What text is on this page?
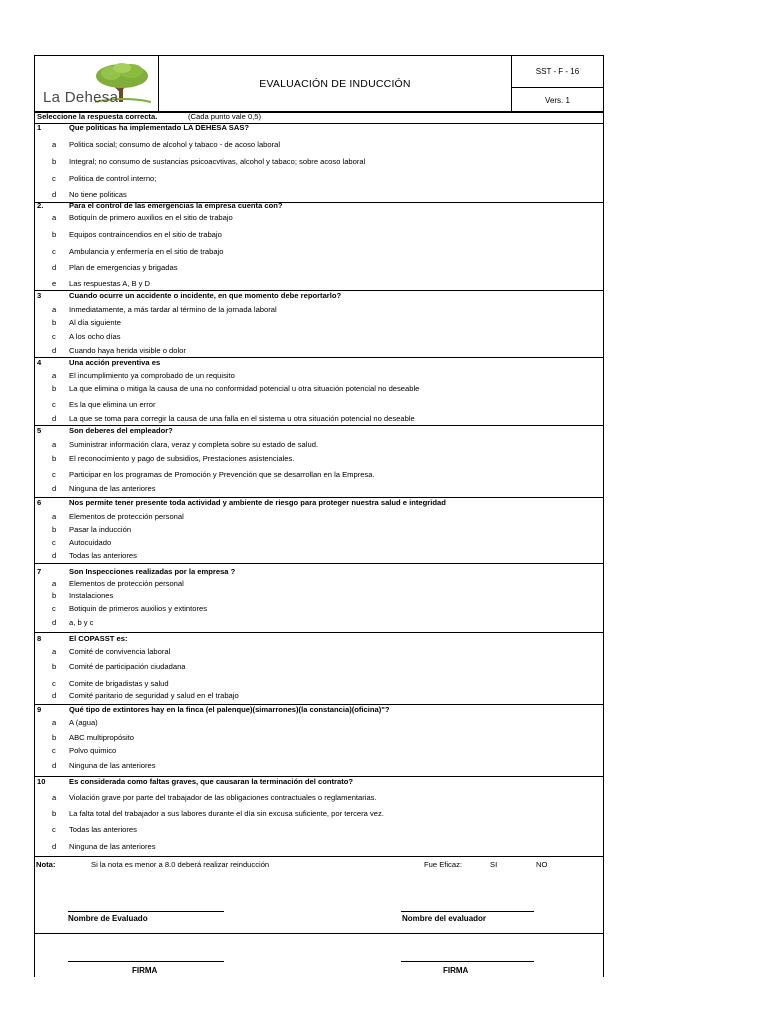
La Dehesa
EVALUACIÓN DE INDUCCIÓN
SST - F - 16
Vers. 1
Seleccione la respuesta correcta.	(Cada punto vale 0,5)
1	Que politicas ha implementado LA DEHESA SAS?
a Politica social; consumo de alcohol y tabaco - de acoso laboral
b Integral; no consumo de sustancias psicoacvtivas, alcohol y tabaco; sobre acoso laboral
c Politica de control interno;
d No tiene politicas
2.	Para el control de las emergencias la empresa cuenta con?
a Botiquín de primero auxilios en el sitio de trabajo
b Equipos contraincendios en el sitio de trabajo
c Ambulancia y enfermería en el sitio de trabajo
d Plan de emergencias y brigadas
e Las respuestas A, B y D
3	Cuando ocurre un accidente o incidente, en que momento debe reportarlo?
a Inmediatamente, a más tardar al término de la jornada laboral
b Al día siguiente
c A los ocho días
d Cuando haya herida visible o dolor
4	Una acción preventiva es
a El incumplimiento ya comprobado de un requisito
b La que elimina o mitiga la causa de una no conformidad potencial u otra situación potencial no deseable
c Es la que elimina un error
d La que se toma para corregir la causa de una falla en el sistema u otra situación potencial no deseable
5	Son deberes del empleador?
a Suministrar información clara, veraz y completa sobre su estado de salud.
b El reconocimiento y pago de subsidios, Prestaciones asistenciales.
c Participar en los programas de Promoción y Prevención que se desarrollan en la Empresa.
d Ninguna de las anteriores
6	Nos permite tener presente toda actividad y ambiente de riesgo para proteger nuestra salud e integridad
a Elementos de protección personal
b Pasar la inducción
c Autocuidado
d Todas las anteriores
7	Son Inspecciones realizadas por la empresa ?
a Elementos de protección personal
b Instalaciones
c Botiquin de primeros auxilios y extintores
d a, b y c
8	El COPASST es:
a Comité de convivencia laboral
b Comité de participación ciudadana
c Comite de brigadistas y salud
d Comité paritario de seguridad y salud en el trabajo
9	Qué tipo de extintores hay en la finca (el palenque)(simarrones)(la constancia)(oficina)"?
a A (agua)
b ABC multipropósito
c Polvo quimico
d Ninguna de las anteriores
10	Es considerada como faltas graves, que causaran la terminación del contrato?
a Violación grave por parte del trabajador de las obligaciones contractuales o reglamentarias.
b La falta total del trabajador a sus labores durante el día sin excusa suficiente, por tercera vez.
c Todas las anteriores
d Ninguna de las anteriores
Nota:	Si la nota es menor a 8.0 deberá realizar reinducción	Fue Eficaz:	SI	NO
Nombre de Evaluado	Nombre del evaluador
FIRMA	FIRMA
